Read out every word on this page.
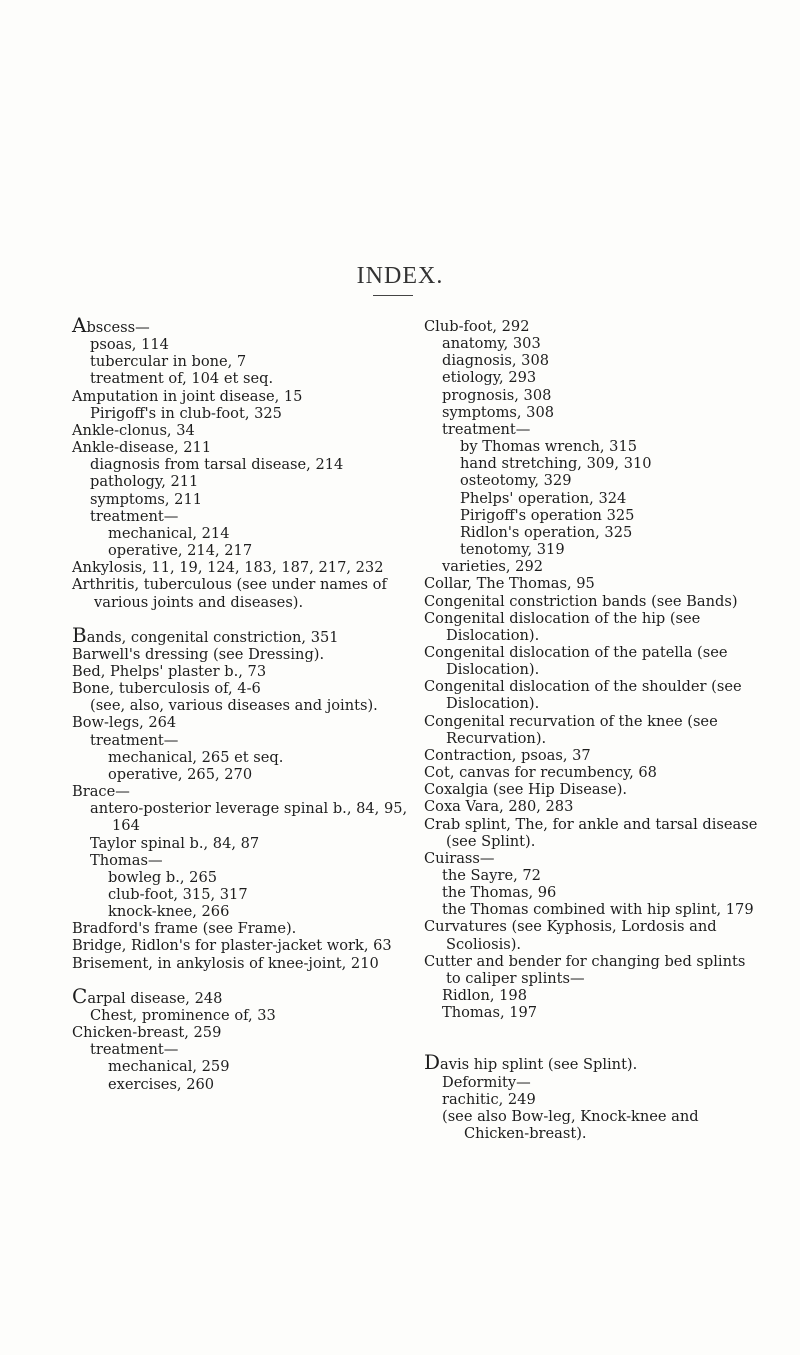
INDEX.

Abscess—

psoas, 114

tubercular in bone, 7

treatment of, 104 et seq.

Amputation in joint disease, 15

Pirigoff's in club-foot, 325

Ankle-clonus, 34

Ankle-disease, 211

diagnosis from tarsal disease, 214

pathology, 211

symptoms, 211

treatment—

mechanical, 214

operative, 214, 217

Ankylosis, 11, 19, 124, 183, 187, 217, 232

Arthritis, tuberculous (see under names of various joints and diseases).

Bands, congenital constriction, 351

Barwell's dressing (see Dressing).

Bed, Phelps' plaster b., 73

Bone, tuberculosis of, 4-6

(see, also, various diseases and joints).

Bow-legs, 264

treatment—

mechanical, 265 et seq.

operative, 265, 270

Brace—

antero-posterior leverage spinal b., 84, 95, 164

Taylor spinal b., 84, 87

Thomas—

bowleg b., 265

club-foot, 315, 317

knock-knee, 266

Bradford's frame (see Frame).

Bridge, Ridlon's for plaster-jacket work, 63

Brisement, in ankylosis of knee-joint, 210

Carpal disease, 248

Chest, prominence of, 33

Chicken-breast, 259

treatment—

mechanical, 259

exercises, 260

Club-foot, 292

anatomy, 303

diagnosis, 308

etiology, 293

prognosis, 308

symptoms, 308

treatment—

by Thomas wrench, 315

hand stretching, 309, 310

osteotomy, 329

Phelps' operation, 324

Pirigoff's operation 325

Ridlon's operation, 325

tenotomy, 319

varieties, 292

Collar, The Thomas, 95

Congenital constriction bands (see Bands)

Congenital dislocation of the hip (see Dislocation).

Congenital dislocation of the patella (see Dislocation).

Congenital dislocation of the shoulder (see Dislocation).

Congenital recurvation of the knee (see Recurvation).

Contraction, psoas, 37

Cot, canvas for recumbency, 68

Coxalgia (see Hip Disease).

Coxa Vara, 280, 283

Crab splint, The, for ankle and tarsal disease (see Splint).

Cuirass—

the Sayre, 72

the Thomas, 96

the Thomas combined with hip splint, 179

Curvatures (see Kyphosis, Lordosis and Scoliosis).

Cutter and bender for changing bed splints to caliper splints—

Ridlon, 198

Thomas, 197

Davis hip splint (see Splint).

Deformity—

rachitic, 249

(see also Bow-leg, Knock-knee and Chicken-breast).
